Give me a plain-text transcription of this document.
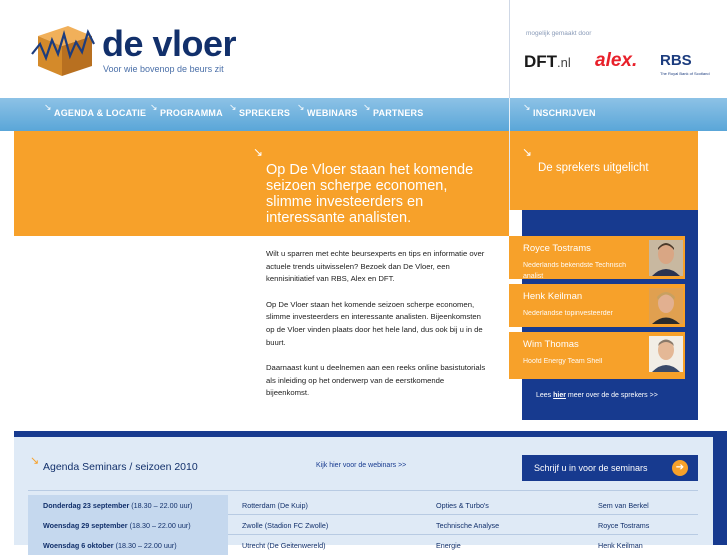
de vloer
Voor wie bovenop de beurs zit
mogelijk gemaakt door
DFT.nl alex. RBS
The Royal Bank of Scotland
↘
AGENDA & LOCATIE
↘
PROGRAMMA
↘
SPREKERS
↘
WEBINARS
↘
PARTNERS
↘
INSCHRIJVEN
↘
Op De Vloer staan het komende seizoen scherpe economen, slimme investeerders en interessante analisten.
↘
De sprekers uitgelicht
Royce Tostrams
Nederlands bekendste Technisch analist
Henk Keilman
Nederlandse topinvesteerder
Wim Thomas
Hoofd Energy Team Shell
Lees hier meer over de de sprekers >>

Wilt u sparren met echte beursexperts en tips en informatie over actuele trends uitwisselen? Bezoek dan De Vloer, een kennisinitiatief van RBS, Alex en DFT.

Op De Vloer staan het komende seizoen scherpe economen, slimme investeerders en interessante analisten. Bijeenkomsten op de Vloer vinden plaats door het hele land, dus ook bij u in de buurt.

Daarnaast kunt u deelnemen aan een reeks online basistutorials als inleiding op het onderwerp van de eerstkomende bijeenkomst.

↘ Agenda Seminars / seizoen 2010	Kijk hier voor de webinars >>	Schrijf u in voor de seminars	➔
Donderdag 23 september (18.30 – 22.00 uur)	Rotterdam (De Kuip)	Opties & Turbo's	Sem van Berkel
Woensdag 29 september (18.30 – 22.00 uur)	Zwolle (Stadion FC Zwolle)	Technische Analyse	Royce Tostrams
Woensdag 6 oktober (18.30 – 22.00 uur)	Utrecht (De Geitenwereld)	Energie	Henk Keilman
